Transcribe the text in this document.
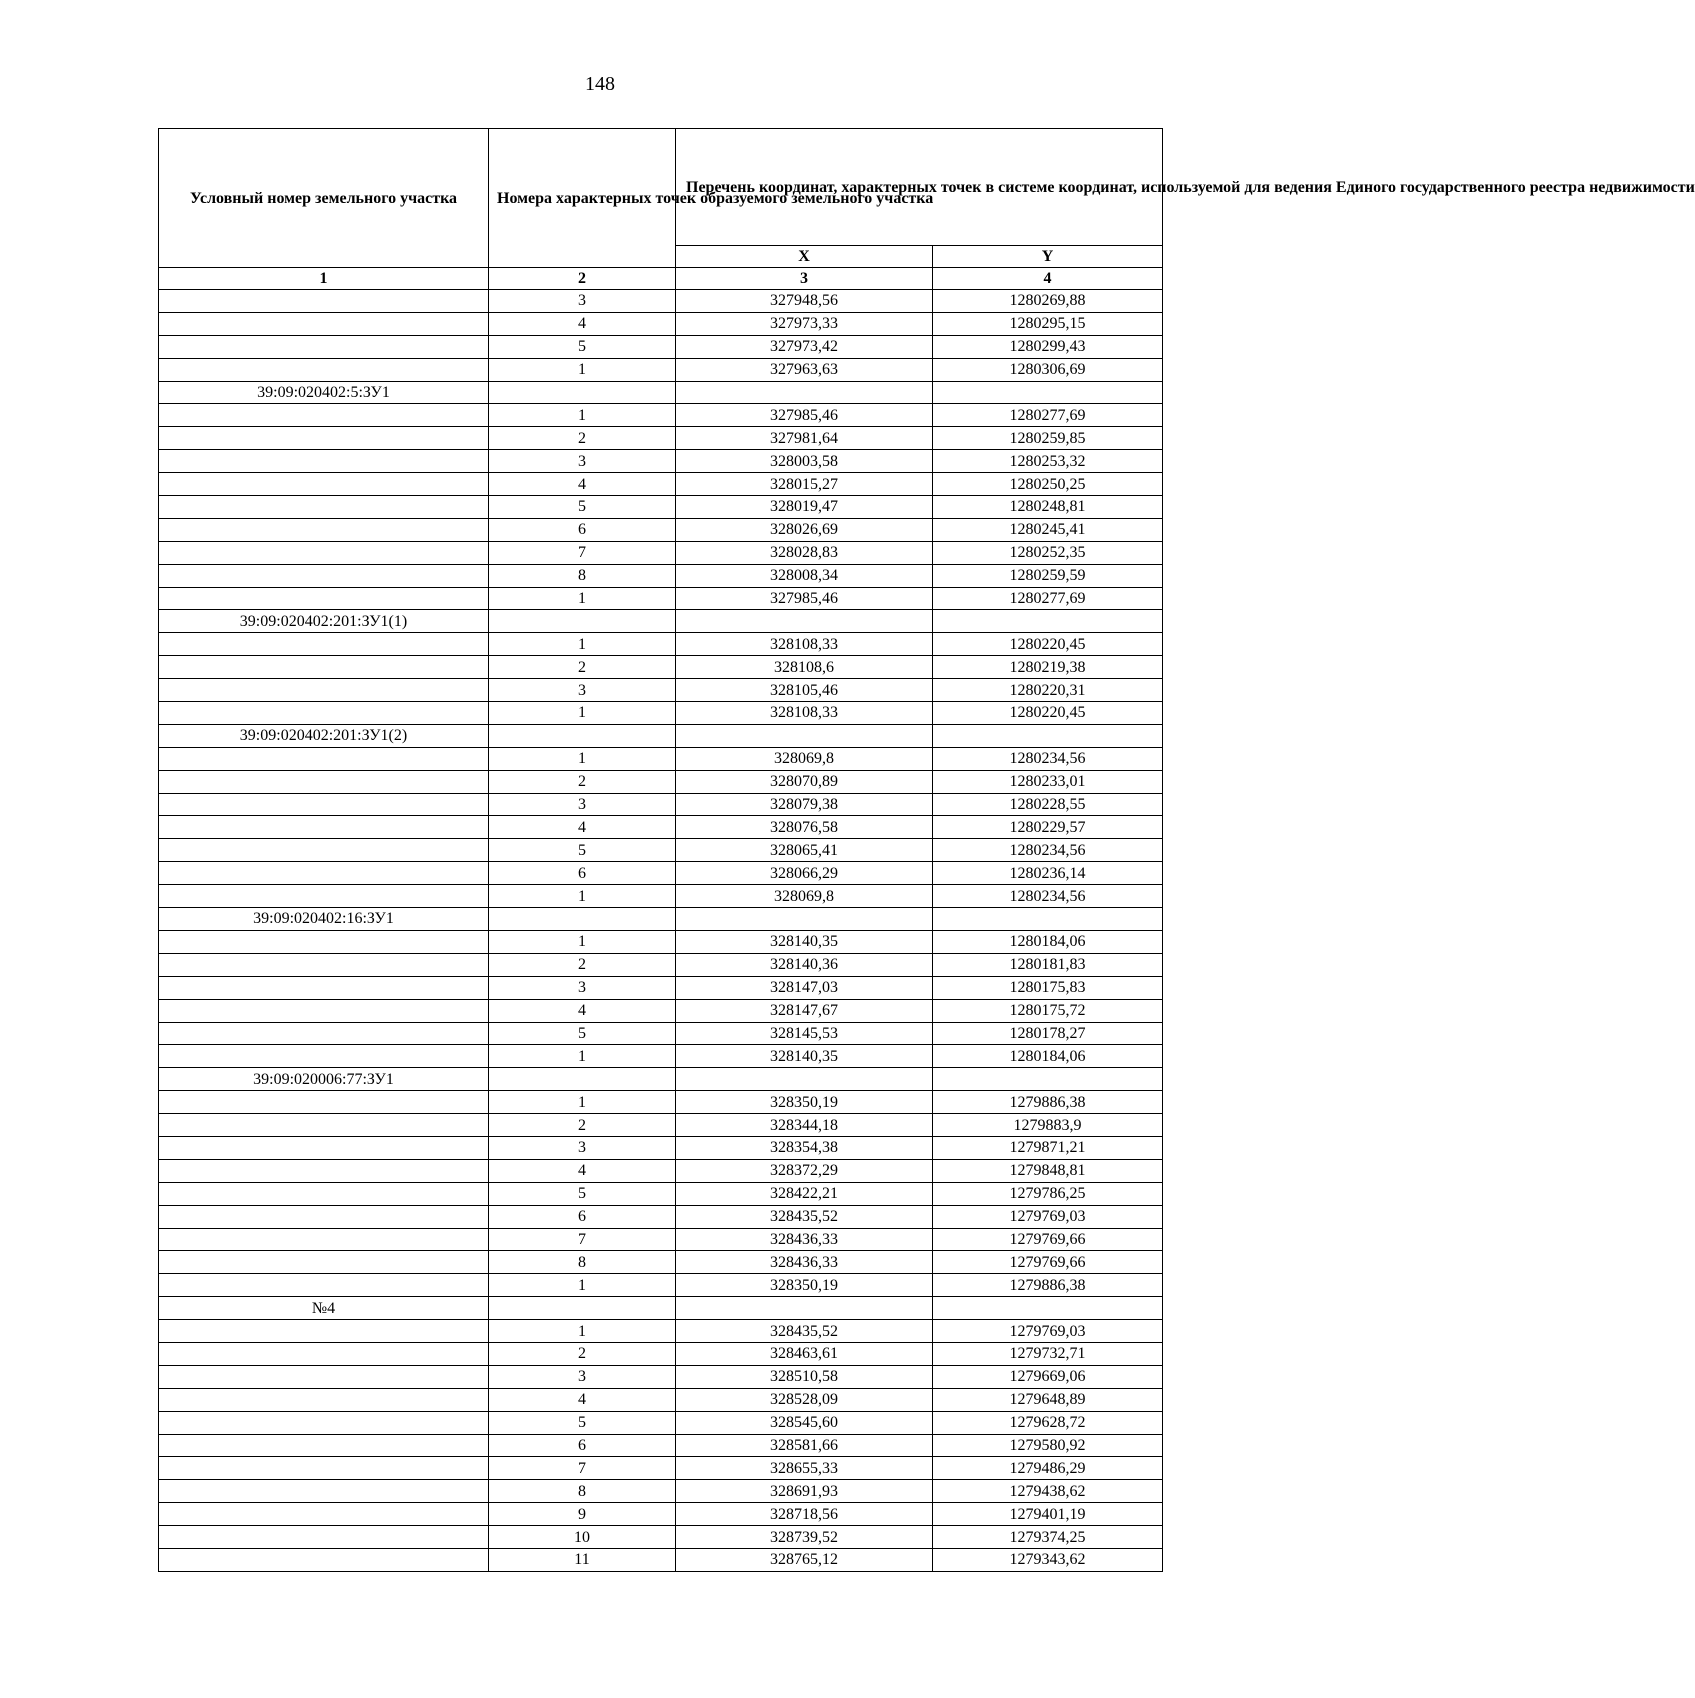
148
Условный номер земельного участка	Номера характерных точек образуемого земельного участка	Перечень координат, характерных точек в системе координат, используемой для ведения Единого государственного реестра недвижимости	
		X	Y
1	2	3	4
	3	327948,56	1280269,88
	4	327973,33	1280295,15
	5	327973,42	1280299,43
	1	327963,63	1280306,69
39:09:020402:5:ЗУ1			
	1	327985,46	1280277,69
	2	327981,64	1280259,85
	3	328003,58	1280253,32
	4	328015,27	1280250,25
	5	328019,47	1280248,81
	6	328026,69	1280245,41
	7	328028,83	1280252,35
	8	328008,34	1280259,59
	1	327985,46	1280277,69
39:09:020402:201:ЗУ1(1)			
	1	328108,33	1280220,45
	2	328108,6	1280219,38
	3	328105,46	1280220,31
	1	328108,33	1280220,45
39:09:020402:201:ЗУ1(2)			
	1	328069,8	1280234,56
	2	328070,89	1280233,01
	3	328079,38	1280228,55
	4	328076,58	1280229,57
	5	328065,41	1280234,56
	6	328066,29	1280236,14
	1	328069,8	1280234,56
39:09:020402:16:ЗУ1			
	1	328140,35	1280184,06
	2	328140,36	1280181,83
	3	328147,03	1280175,83
	4	328147,67	1280175,72
	5	328145,53	1280178,27
	1	328140,35	1280184,06
39:09:020006:77:ЗУ1			
	1	328350,19	1279886,38
	2	328344,18	1279883,9
	3	328354,38	1279871,21
	4	328372,29	1279848,81
	5	328422,21	1279786,25
	6	328435,52	1279769,03
	7	328436,33	1279769,66
	8	328436,33	1279769,66
	1	328350,19	1279886,38
№4			
	1	328435,52	1279769,03
	2	328463,61	1279732,71
	3	328510,58	1279669,06
	4	328528,09	1279648,89
	5	328545,60	1279628,72
	6	328581,66	1279580,92
	7	328655,33	1279486,29
	8	328691,93	1279438,62
	9	328718,56	1279401,19
	10	328739,52	1279374,25
	11	328765,12	1279343,62
